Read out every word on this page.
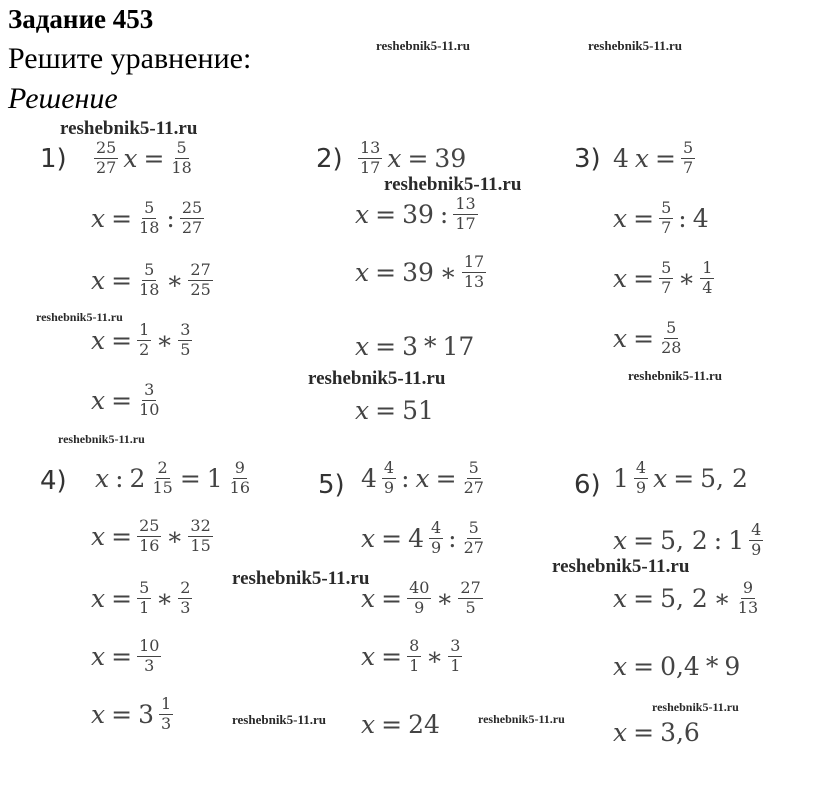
Задание 453
Решите уравнение:
Решение
reshebnik5-11.ru	reshebnik5-11.ru
reshebnik5-11.ru
reshebnik5-11.ru
reshebnik5-11.ru
reshebnik5-11.ru	reshebnik5-11.ru
reshebnik5-11.ru
reshebnik5-11.ru
reshebnik5-11.ru
reshebnik5-11.ru
reshebnik5-11.ru	reshebnik5-11.ru
1)	2)	3)
4)	5)	6)
$\frac{25}{27}$ $x = \frac{5}{18}$
$x = \frac{5}{18}$ : $\frac{25}{27}$
$x = \frac{5}{18}$ ∗ $\frac{27}{25}$
$x = \frac{1}{2}$ ∗ $\frac{3}{5}$
$x = \frac{3}{10}$
$\frac{13}{17}$ x = 39
x = 39 : $\frac{13}{17}$
x = 39 ∗ $\frac{17}{13}$
x = 3 * 17
x = 51
4 $x = \frac{5}{7}$
$x = \frac{5}{7}$ : 4
$x = \frac{5}{7}$ ∗ $\frac{1}{4}$
$x = \frac{5}{28}$
x : $2 \frac{2}{15} = 1 \frac{9}{16}$
$x = \frac{25}{16}$ ∗ $\frac{32}{15}$
$x = \frac{5}{1}$ ∗ $\frac{2}{3}$
$x = \frac{10}{3}$
$x = 3 \frac{1}{3}$
$4 \frac{4}{9}$ : $x = \frac{5}{27}$
$x = 4 \frac{4}{9}$ : $\frac{5}{27}$
$x = \frac{40}{9}$ ∗ $\frac{27}{5}$
$x = \frac{8}{1}$ ∗ $\frac{3}{1}$
x = 24
$1 \frac{4}{9}$ x = 5, 2
x = 5, 2 : $1 \frac{4}{9}$
x = 5, 2 ∗ $\frac{9}{13}$
x = 0,4 * 9
x = 3,6
